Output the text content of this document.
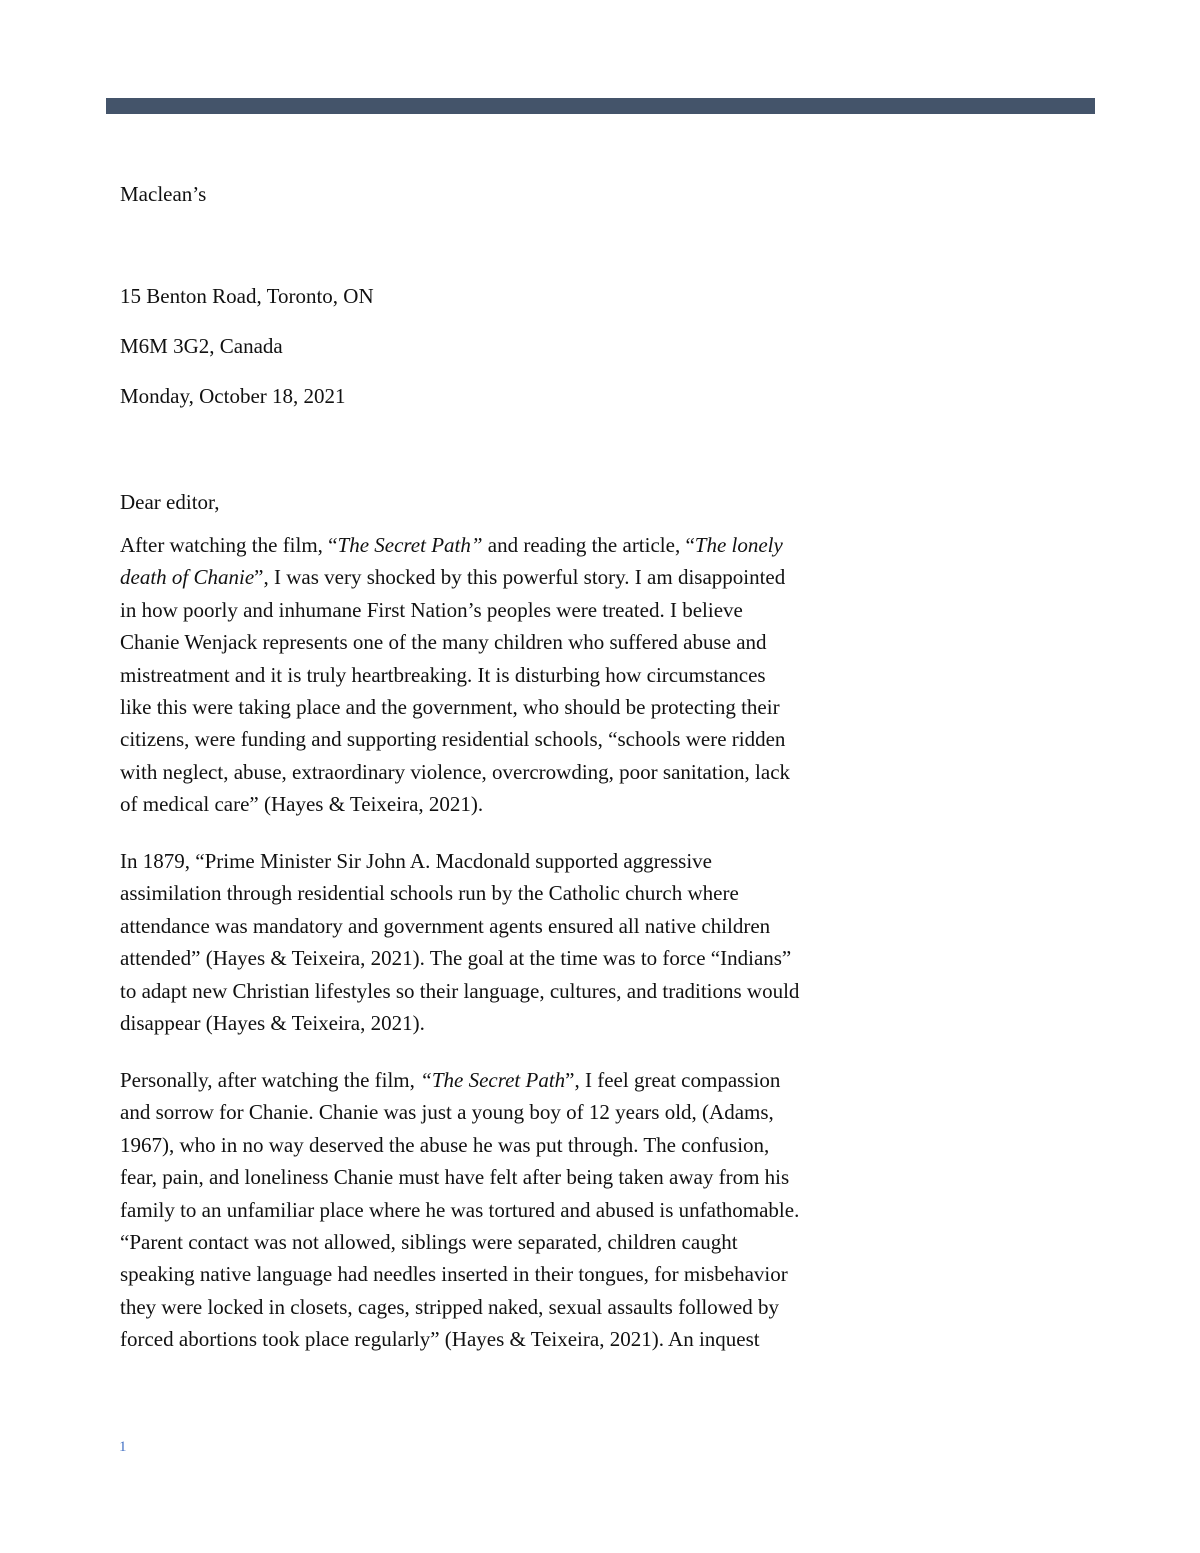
Maclean’s
15 Benton Road, Toronto, ON
M6M 3G2, Canada
Monday, October 18, 2021
Dear editor,

After watching the film, “The Secret Path” and reading the article, “The lonely
death of Chanie”, I was very shocked by this powerful story. I am disappointed
in how poorly and inhumane First Nation’s peoples were treated. I believe
Chanie Wenjack represents one of the many children who suffered abuse and
mistreatment and it is truly heartbreaking. It is disturbing how circumstances
like this were taking place and the government, who should be protecting their
citizens, were funding and supporting residential schools, “schools were ridden
with neglect, abuse, extraordinary violence, overcrowding, poor sanitation, lack
of medical care” (Hayes & Teixeira, 2021).

In 1879, “Prime Minister Sir John A. Macdonald supported aggressive
assimilation through residential schools run by the Catholic church where
attendance was mandatory and government agents ensured all native children
attended” (Hayes & Teixeira, 2021). The goal at the time was to force “Indians”
to adapt new Christian lifestyles so their language, cultures, and traditions would
disappear (Hayes & Teixeira, 2021).

Personally, after watching the film, “The Secret Path”, I feel great compassion
and sorrow for Chanie. Chanie was just a young boy of 12 years old, (Adams,
1967), who in no way deserved the abuse he was put through. The confusion,
fear, pain, and loneliness Chanie must have felt after being taken away from his
family to an unfamiliar place where he was tortured and abused is unfathomable.
“Parent contact was not allowed, siblings were separated, children caught
speaking native language had needles inserted in their tongues, for misbehavior
they were locked in closets, cages, stripped naked, sexual assaults followed by
forced abortions took place regularly” (Hayes & Teixeira, 2021). An inquest

1
